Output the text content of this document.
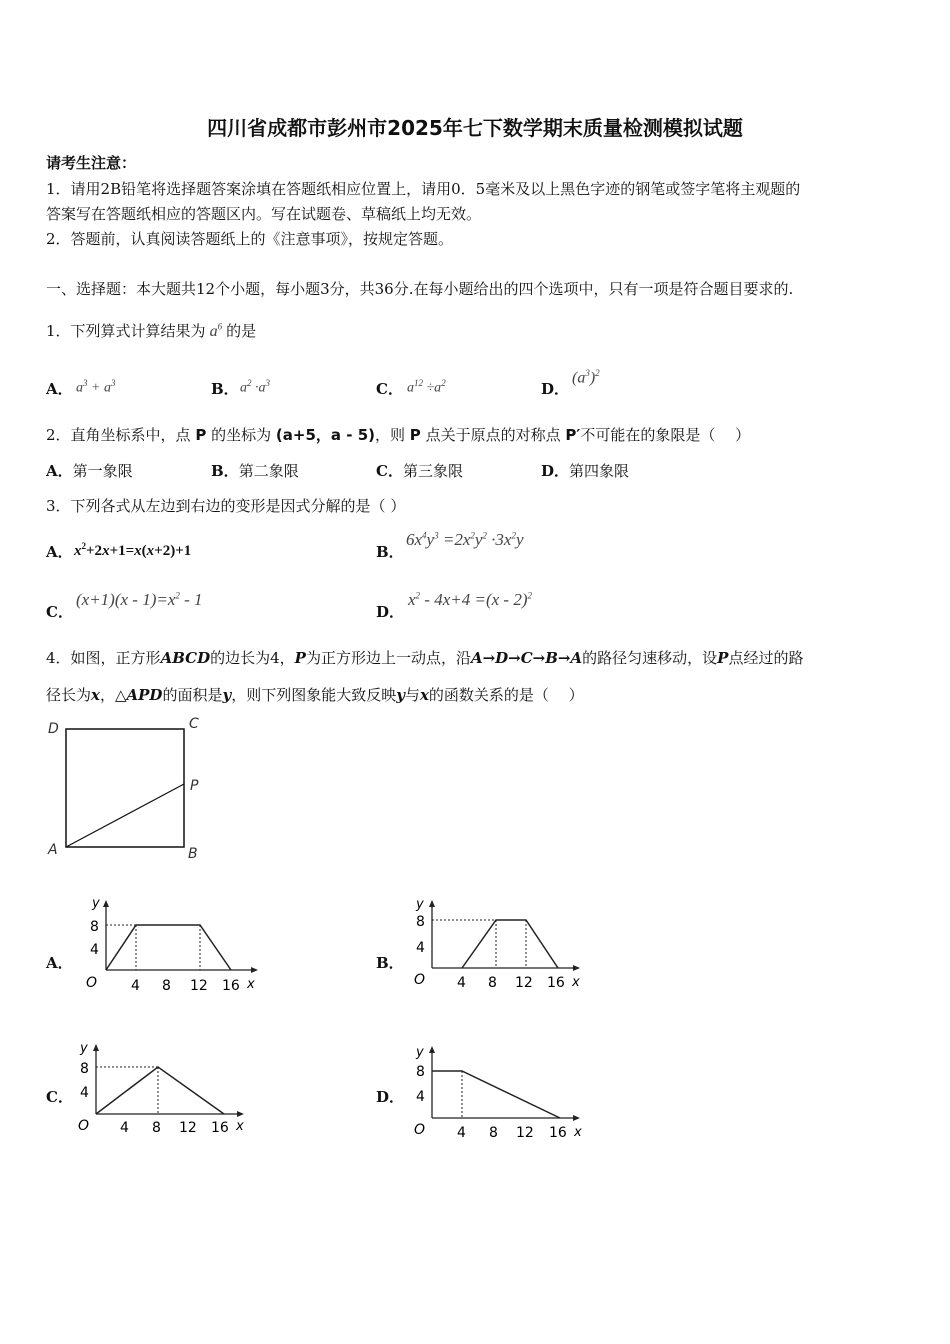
四川省成都市彭州市2025年七下数学期末质量检测模拟试题
请考生注意：
1．请用2B铅笔将选择题答案涂填在答题纸相应位置上，请用0．5毫米及以上黑色字迹的钢笔或签字笔将主观题的
答案写在答题纸相应的答题区内。写在试题卷、草稿纸上均无效。
2．答题前，认真阅读答题纸上的《注意事项》，按规定答题。
一、选择题：本大题共12个小题，每小题3分，共36分.在每小题给出的四个选项中，只有一项是符合题目要求的.
1．下列算式计算结果为 $a^6$ 的是
A． $a^3 + a^3$	B． $a^2 \cdot a^3$	C． $a^{12} \div a^2$	D．
$(a^3)^2$
2．直角坐标系中，点 P 的坐标为 (a+5，a - 5)，则 P 点关于原点的对称点 P′不可能在的象限是（　 ）
A．第一象限	B．第二象限	C．第三象限	D．第四象限
3．下列各式从左边到右边的变形是因式分解的是（ ）
A． $x^2+2x+1=x(x+2)+1$	B．
$6x^4y^3 =2x^2y^2 \cdot 3x^2y$
C．
$(x+1)(x - 1)=x^2 - 1$
D．
$x^2 - 4x+4 =(x - 2)^2$
4．如图，正方形ABCD的边长为4，P为正方形边上一动点，沿A→D→C→B→A的路径匀速移动，设P点经过的路
径长为x，△APD的面积是y，则下列图象能大致反映y与x的函数关系的是（　 ）
D	C
P
A	B
A．	B．
C．	D．
y
8
4
O 4 8 12 16 x
y
8
4
O 4 8 12 16 x
y
8
4
O 4 8 12 16 x
y
8
4
O 4 8 12 16 x
